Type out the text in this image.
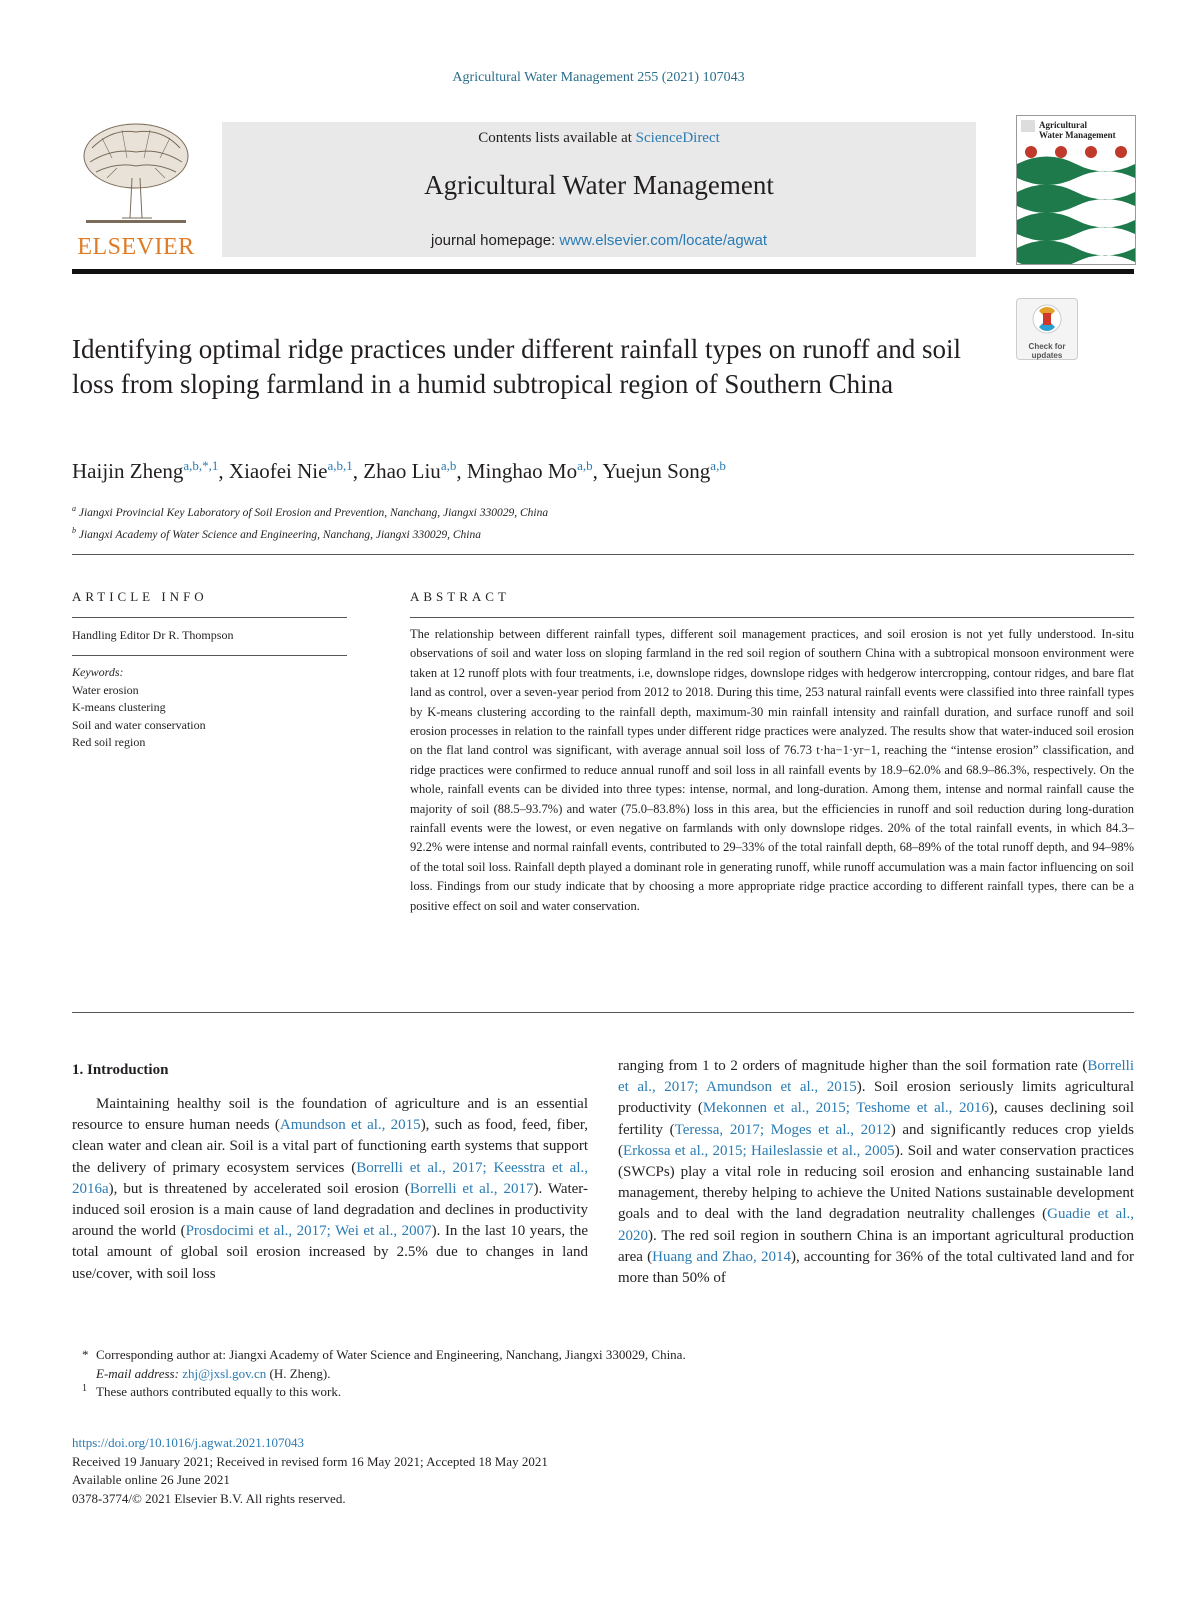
Agricultural Water Management 255 (2021) 107043
ELSEVIER
Contents lists available at ScienceDirect
Agricultural Water Management
journal homepage: www.elsevier.com/locate/agwat
Agricultural
Water Management
Identifying optimal ridge practices under different rainfall types on runoff and soil loss from sloping farmland in a humid subtropical region of Southern China
Check for
updates
Haijin Zheng$^{a,b,*,1}$, Xiaofei Nie$^{a,b,1}$, Zhao Liu$^{a,b}$, Minghao Mo$^{a,b}$, Yuejun Song$^{a,b}$
$^a$ Jiangxi Provincial Key Laboratory of Soil Erosion and Prevention, Nanchang, Jiangxi 330029, China
$^b$ Jiangxi Academy of Water Science and Engineering, Nanchang, Jiangxi 330029, China
ARTICLE INFO
Handling Editor Dr R. Thompson
Keywords:
Water erosion
K-means clustering
Soil and water conservation
Red soil region
ABSTRACT
The relationship between different rainfall types, different soil management practices, and soil erosion is not yet fully understood. In-situ observations of soil and water loss on sloping farmland in the red soil region of southern China with a subtropical monsoon environment were taken at 12 runoff plots with four treatments, i.e, downslope ridges, downslope ridges with hedgerow intercropping, contour ridges, and bare flat land as control, over a seven-year period from 2012 to 2018. During this time, 253 natural rainfall events were classified into three rainfall types by K-means clustering according to the rainfall depth, maximum-30 min rainfall intensity and rainfall duration, and surface runoff and soil erosion processes in relation to the rainfall types under different ridge practices were analyzed. The results show that water-induced soil erosion on the flat land control was significant, with average annual soil loss of 76.73 t·ha−1·yr−1, reaching the “intense erosion” classification, and ridge practices were confirmed to reduce annual runoff and soil loss in all rainfall events by 18.9–62.0% and 68.9–86.3%, respectively. On the whole, rainfall events can be divided into three types: intense, normal, and long-duration. Among them, intense and normal rainfall cause the majority of soil (88.5–93.7%) and water (75.0–83.8%) loss in this area, but the efficiencies in runoff and soil reduction during long-duration rainfall events were the lowest, or even negative on farmlands with only downslope ridges. 20% of the total rainfall events, in which 84.3–92.2% were intense and normal rainfall events, contributed to 29–33% of the total rainfall depth, 68–89% of the total runoff depth, and 94–98% of the total soil loss. Rainfall depth played a dominant role in generating runoff, while runoff accumulation was a main factor influencing on soil loss. Findings from our study indicate that by choosing a more appropriate ridge practice according to different rainfall types, there can be a positive effect on soil and water conservation.
1. Introduction
Maintaining healthy soil is the foundation of agriculture and is an essential resource to ensure human needs (Amundson et al., 2015), such as food, feed, fiber, clean water and clean air. Soil is a vital part of functioning earth systems that support the delivery of primary ecosystem services (Borrelli et al., 2017; Keesstra et al., 2016a), but is threatened by accelerated soil erosion (Borrelli et al., 2017). Water-induced soil erosion is a main cause of land degradation and declines in productivity around the world (Prosdocimi et al., 2017; Wei et al., 2007). In the last 10 years, the total amount of global soil erosion increased by 2.5% due to changes in land use/cover, with soil loss
ranging from 1 to 2 orders of magnitude higher than the soil formation rate (Borrelli et al., 2017; Amundson et al., 2015). Soil erosion seriously limits agricultural productivity (Mekonnen et al., 2015; Teshome et al., 2016), causes declining soil fertility (Teressa, 2017; Moges et al., 2012) and significantly reduces crop yields (Erkossa et al., 2015; Haileslassie et al., 2005). Soil and water conservation practices (SWCPs) play a vital role in reducing soil erosion and enhancing sustainable land management, thereby helping to achieve the United Nations sustainable development goals and to deal with the land degradation neutrality challenges (Guadie et al., 2020). The red soil region in southern China is an important agricultural production area (Huang and Zhao, 2014), accounting for 36% of the total cultivated land and for more than 50% of
* Corresponding author at: Jiangxi Academy of Water Science and Engineering, Nanchang, Jiangxi 330029, China.
E-mail address: zhj@jxsl.gov.cn (H. Zheng).
1 These authors contributed equally to this work.
https://doi.org/10.1016/j.agwat.2021.107043
Received 19 January 2021; Received in revised form 16 May 2021; Accepted 18 May 2021
Available online 26 June 2021
0378-3774/© 2021 Elsevier B.V. All rights reserved.
